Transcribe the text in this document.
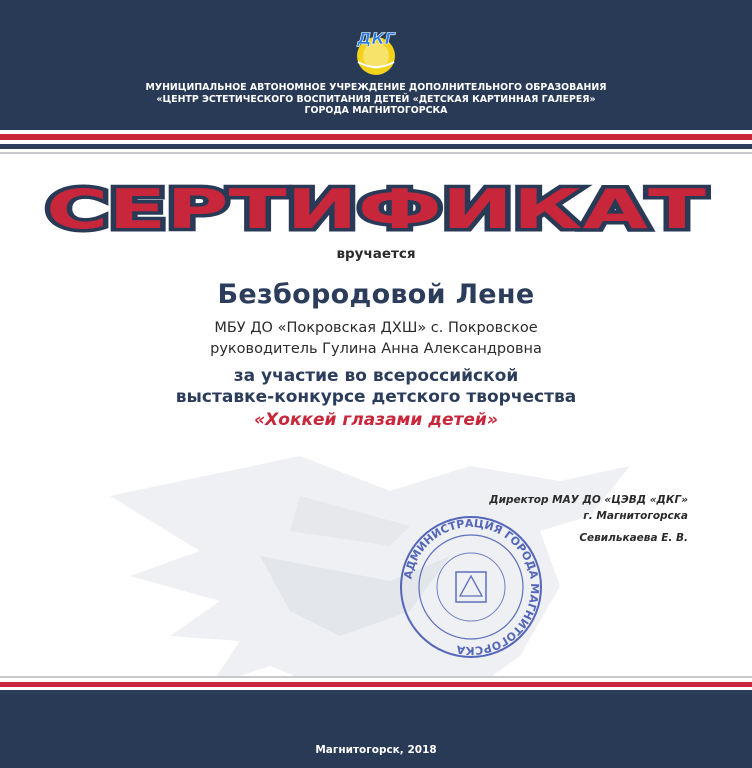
ДКГ
МУНИЦИПАЛЬНОЕ АВТОНОМНОЕ УЧРЕЖДЕНИЕ ДОПОЛНИТЕЛЬНОГО ОБРАЗОВАНИЯ
«ЦЕНТР ЭСТЕТИЧЕСКОГО ВОСПИТАНИЯ ДЕТЕЙ «ДЕТСКАЯ КАРТИННАЯ ГАЛЕРЕЯ»
ГОРОДА МАГНИТОГОРСКА
СЕРТИФИКАТ
вручается
Безбородовой Лене
МБУ ДО «Покровская ДХШ» с. Покровское
руководитель Гулина Анна Александровна
за участие во всероссийской
выставке-конкурсе детского творчества
«Хоккей глазами детей»
АДМИНИСТРАЦИЯ ГОРОДА МАГНИТОГОРСКА
Директор МАУ ДО «ЦЭВД «ДКГ»
г. Магнитогорска
Севилькаева Е. В.
Магнитогорск, 2018
